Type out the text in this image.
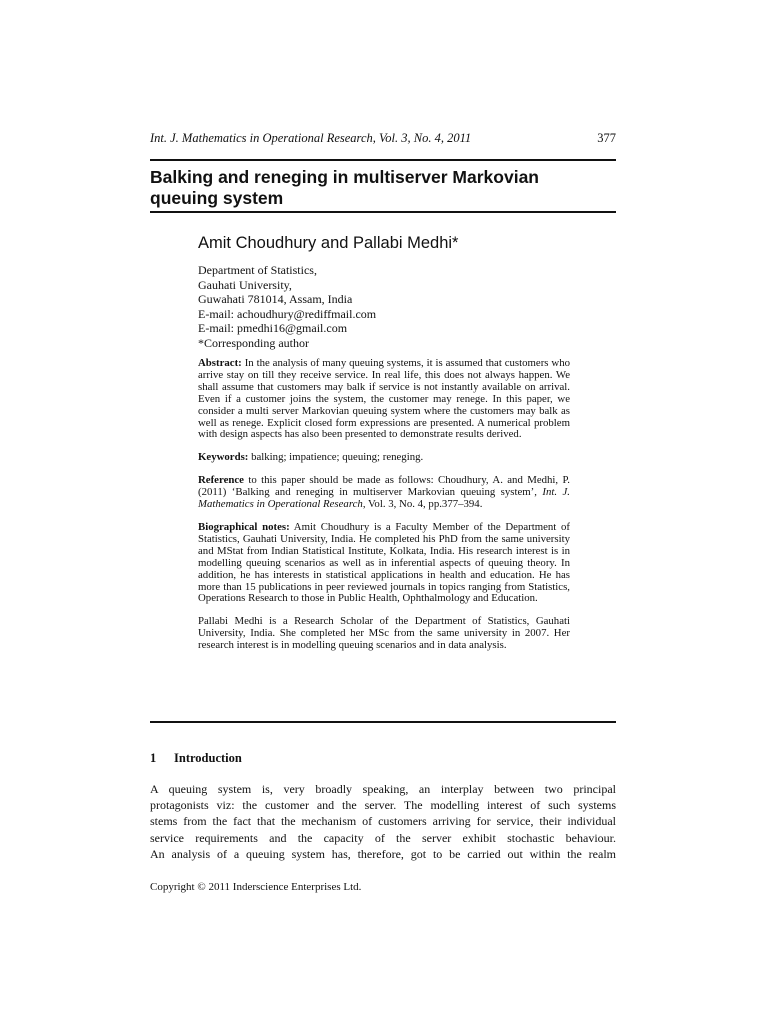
Int. J. Mathematics in Operational Research, Vol. 3, No. 4, 2011	377
Balking and reneging in multiserver Markovian
queuing system

Amit Choudhury and Pallabi Medhi*

Department of Statistics,
Gauhati University,
Guwahati 781014, Assam, India
E-mail: achoudhury@rediffmail.com
E-mail: pmedhi16@gmail.com
*Corresponding author

Abstract: In the analysis of many queuing systems, it is assumed that customers who arrive stay on till they receive service. In real life, this does not always happen. We shall assume that customers may balk if service is not instantly available on arrival. Even if a customer joins the system, the customer may renege. In this paper, we consider a multi server Markovian queuing system where the customers may balk as well as renege. Explicit closed form expressions are presented. A numerical problem with design aspects has also been presented to demonstrate results derived.

Keywords: balking; impatience; queuing; reneging.

Reference to this paper should be made as follows: Choudhury, A. and Medhi, P. (2011) ‘Balking and reneging in multiserver Markovian queuing system’, Int. J. Mathematics in Operational Research, Vol. 3, No. 4, pp.377–394.

Biographical notes: Amit Choudhury is a Faculty Member of the Department of Statistics, Gauhati University, India. He completed his PhD from the same university and MStat from Indian Statistical Institute, Kolkata, India. His research interest is in modelling queuing scenarios as well as in inferential aspects of queuing theory. In addition, he has interests in statistical applications in health and education. He has more than 15 publications in peer reviewed journals in topics ranging from Statistics, Operations Research to those in Public Health, Ophthalmology and Education.

Pallabi Medhi is a Research Scholar of the Department of Statistics, Gauhati University, India. She completed her MSc from the same university in 2007. Her research interest is in modelling queuing scenarios and in data analysis.

1 Introduction

A queuing system is, very broadly speaking, an interplay between two principal
protagonists viz: the customer and the server. The modelling interest of such systems
stems from the fact that the mechanism of customers arriving for service, their individual
service requirements and the capacity of the server exhibit stochastic behaviour.
An analysis of a queuing system has, therefore, got to be carried out within the realm

Copyright © 2011 Inderscience Enterprises Ltd.
